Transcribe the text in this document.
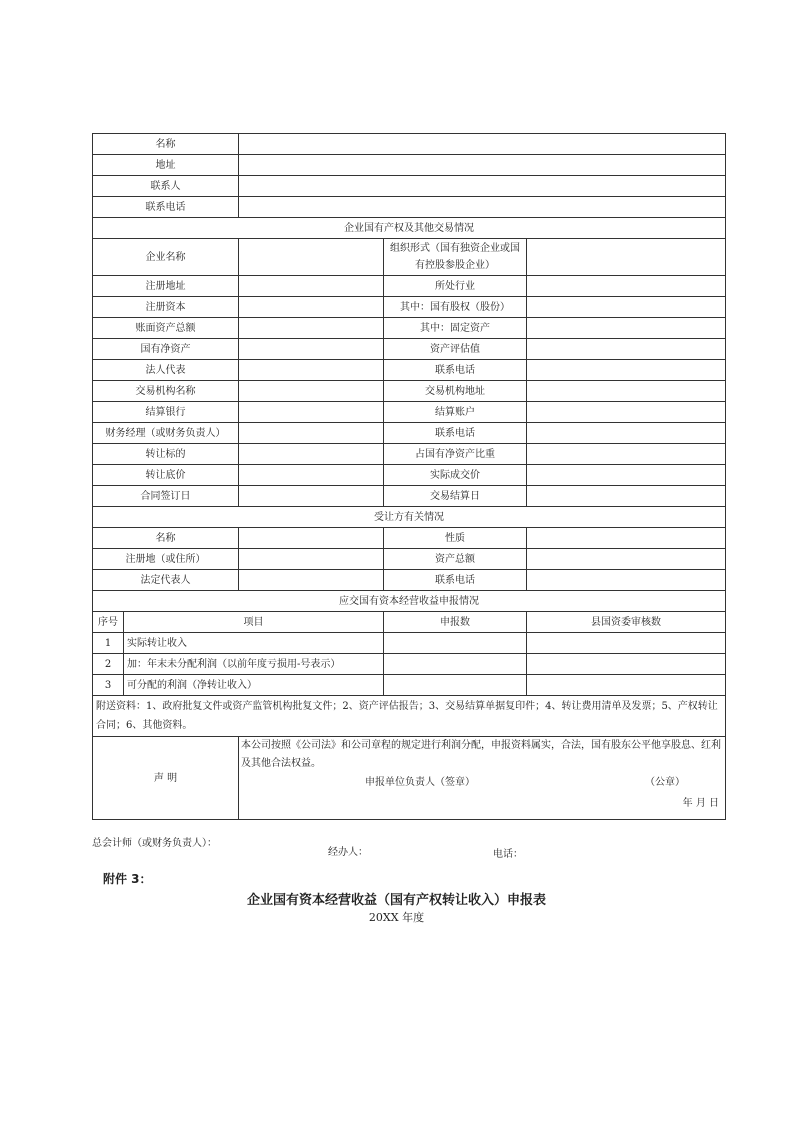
名称				
地址				
联系人				
联系电话				
企业国有产权及其他交易情况				
企业名称			组织形式（国有独资企业或国有控股参股企业）	
注册地址			所处行业	
注册资本			其中：国有股权（股份）	
账面资产总额			其中：固定资产	
国有净资产			资产评估值	
法人代表			联系电话	
交易机构名称			交易机构地址	
结算银行			结算账户	
财务经理（或财务负责人）			联系电话	
转让标的			占国有净资产比重	
转让底价			实际成交价	
合同签订日			交易结算日	
受让方有关情况				
名称			性质	
注册地（或住所）			资产总额	
法定代表人			联系电话	
应交国有资本经营收益申报情况				
序号	项目		申报数	县国资委审核数
1	实际转让收入			
2	加：年末未分配利润（以前年度亏损用-号表示）			
3	可分配的利润（净转让收入）			
附送资料：1、政府批复文件或资产监管机构批复文件；2、资产评估报告；3、交易结算单据复印件；4、转让费用清单及发票；5、产权转让合同；6、其他资料。				
声 明		本公司按照《公司法》和公司章程的规定进行利润分配，申报资料属实，合法，国有股东公平他享股息、红利及其他合法权益。
申报单位负责人（签章） （公章）
年 月 日		
总会计师（或财务负责人）：
经办人：	电话：
附件 3：
企业国有资本经营收益（国有产权转让收入）申报表
20XX 年度
